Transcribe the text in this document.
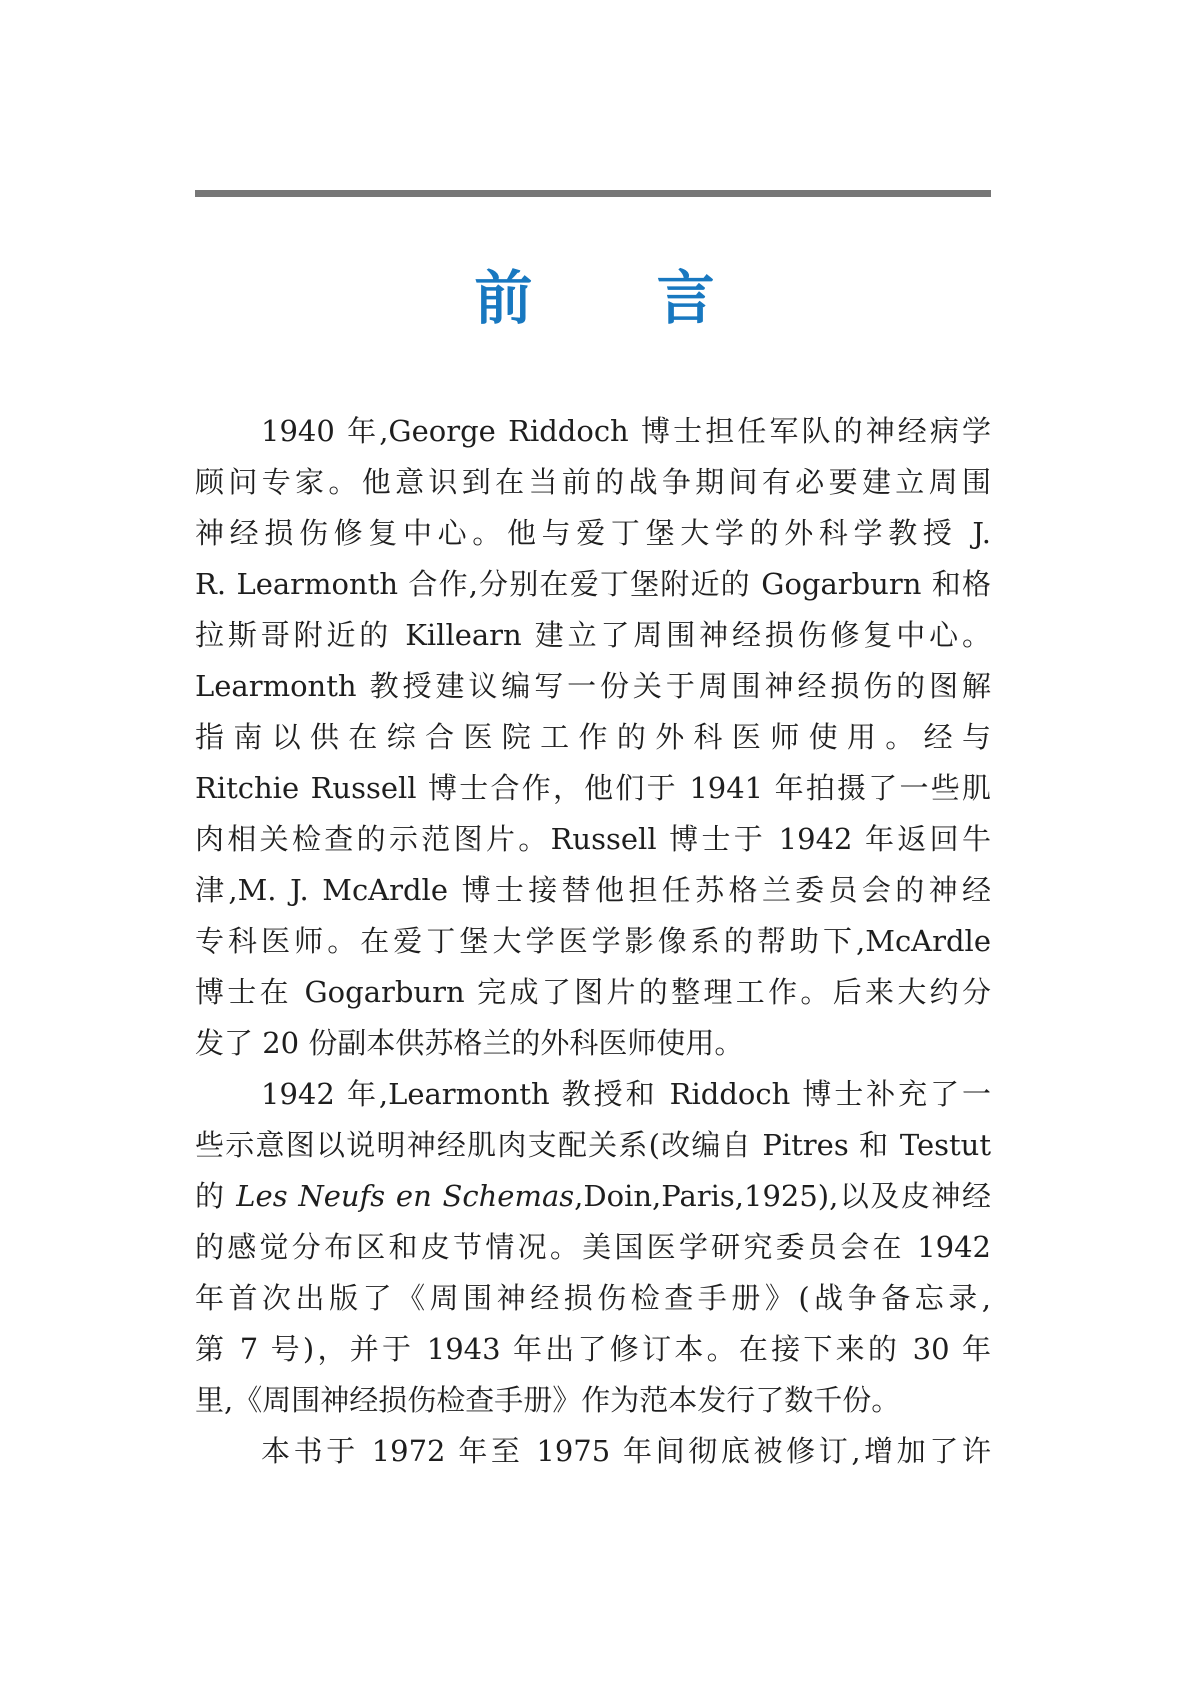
前 言
1940 年,George Riddoch 博士担任军队的神经病学
顾问专家。他意识到在当前的战争期间有必要建立周围
神经损伤修复中心。他与爱丁堡大学的外科学教授 J.
R. Learmonth 合作,分别在爱丁堡附近的 Gogarburn 和格
拉斯哥附近的 Killearn 建立了周围神经损伤修复中心。
Learmonth 教授建议编写一份关于周围神经损伤的图解
指南以供在综合医院工作的外科医师使用。经与
Ritchie Russell 博士合作，他们于 1941 年拍摄了一些肌
肉相关检查的示范图片。Russell 博士于 1942 年返回牛
津,M. J. McArdle 博士接替他担任苏格兰委员会的神经
专科医师。在爱丁堡大学医学影像系的帮助下,McArdle
博士在 Gogarburn 完成了图片的整理工作。后来大约分
发了 20 份副本供苏格兰的外科医师使用。
1942 年,Learmonth 教授和 Riddoch 博士补充了一
些示意图以说明神经肌肉支配关系(改编自 Pitres 和 Testut
的 Les Neufs en Schemas,Doin,Paris,1925),以及皮神经
的感觉分布区和皮节情况。美国医学研究委员会在 1942
年首次出版了《周围神经损伤检查手册》(战争备忘录,
第 7 号)，并于 1943 年出了修订本。在接下来的 30 年
里,《周围神经损伤检查手册》作为范本发行了数千份。
本书于 1972 年至 1975 年间彻底被修订,增加了许
